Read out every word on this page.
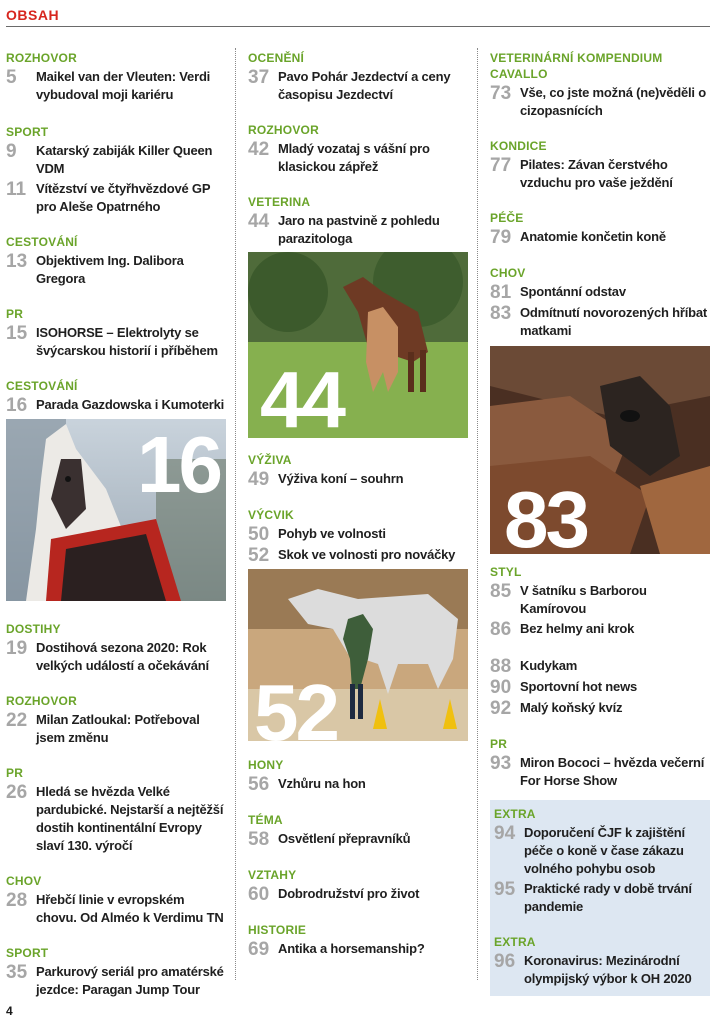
OBSAH
ROZHOVOR
5	Maikel van der Vleuten: Verdi vybudoval moji kariéru
SPORT
9	Katarský zabiják Killer Queen VDM
11 Vítězství ve čtyřhvězdové GP pro Aleše Opatrného
CESTOVÁNÍ
13 Objektivem Ing. Dalibora Gregora
PR
15 ISOHORSE – Elektrolyty se švýcarskou historií i příběhem
CESTOVÁNÍ
16 Parada Gazdowska i Kumoterki
16
DOSTIHY
19 Dostihová sezona 2020: Rok velkých událostí a očekávání
ROZHOVOR
22 Milan Zatloukal: Potřeboval jsem změnu
PR
26 Hledá se hvězda Velké pardubické. Nejstarší a nejtěžší dostih kontinentální Evropy slaví 130. výročí
CHOV
28 Hřebčí linie v evropském chovu. Od Alméo k Verdimu TN
SPORT
35 Parkurový seriál pro amatérské jezdce: Paragan Jump Tour
OCENĚNÍ
37 Pavo Pohár Jezdectví a ceny časopisu Jezdectví
ROZHOVOR
42 Mladý vozataj s vášní pro klasickou zápřež
VETERINA
44 Jaro na pastvině z pohledu parazitologa
44
VÝŽIVA
49 Výživa koní – souhrn
VÝCVIK
50 Pohyb ve volnosti
52 Skok ve volnosti pro nováčky
52
HONY
56 Vzhůru na hon
TÉMA
58 Osvětlení přepravníků
VZTAHY
60 Dobrodružství pro život
HISTORIE
69 Antika a horsemanship?
VETERINÁRNÍ KOMPENDIUM CAVALLO
73 Vše, co jste možná (ne)věděli o cizopasnících
KONDICE
77 Pilates: Závan čerstvého vzduchu pro vaše ježdění
PÉČE
79 Anatomie končetin koně
CHOV
81 Spontánní odstav
83 Odmítnutí novorozených hříbat matkami
83
STYL
85 V šatníku s Barborou Kamírovou
86 Bez helmy ani krok
88 Kudykam
90 Sportovní hot news
92 Malý koňský kvíz
PR
93 Miron Bococi – hvězda večerní For Horse Show
EXTRA
94 Doporučení ČJF k zajištění péče o koně v čase zákazu volného pohybu osob
95 Praktické rady v době trvání pandemie
EXTRA
96 Koronavirus: Mezinárodní olympijský výbor k OH 2020
4
